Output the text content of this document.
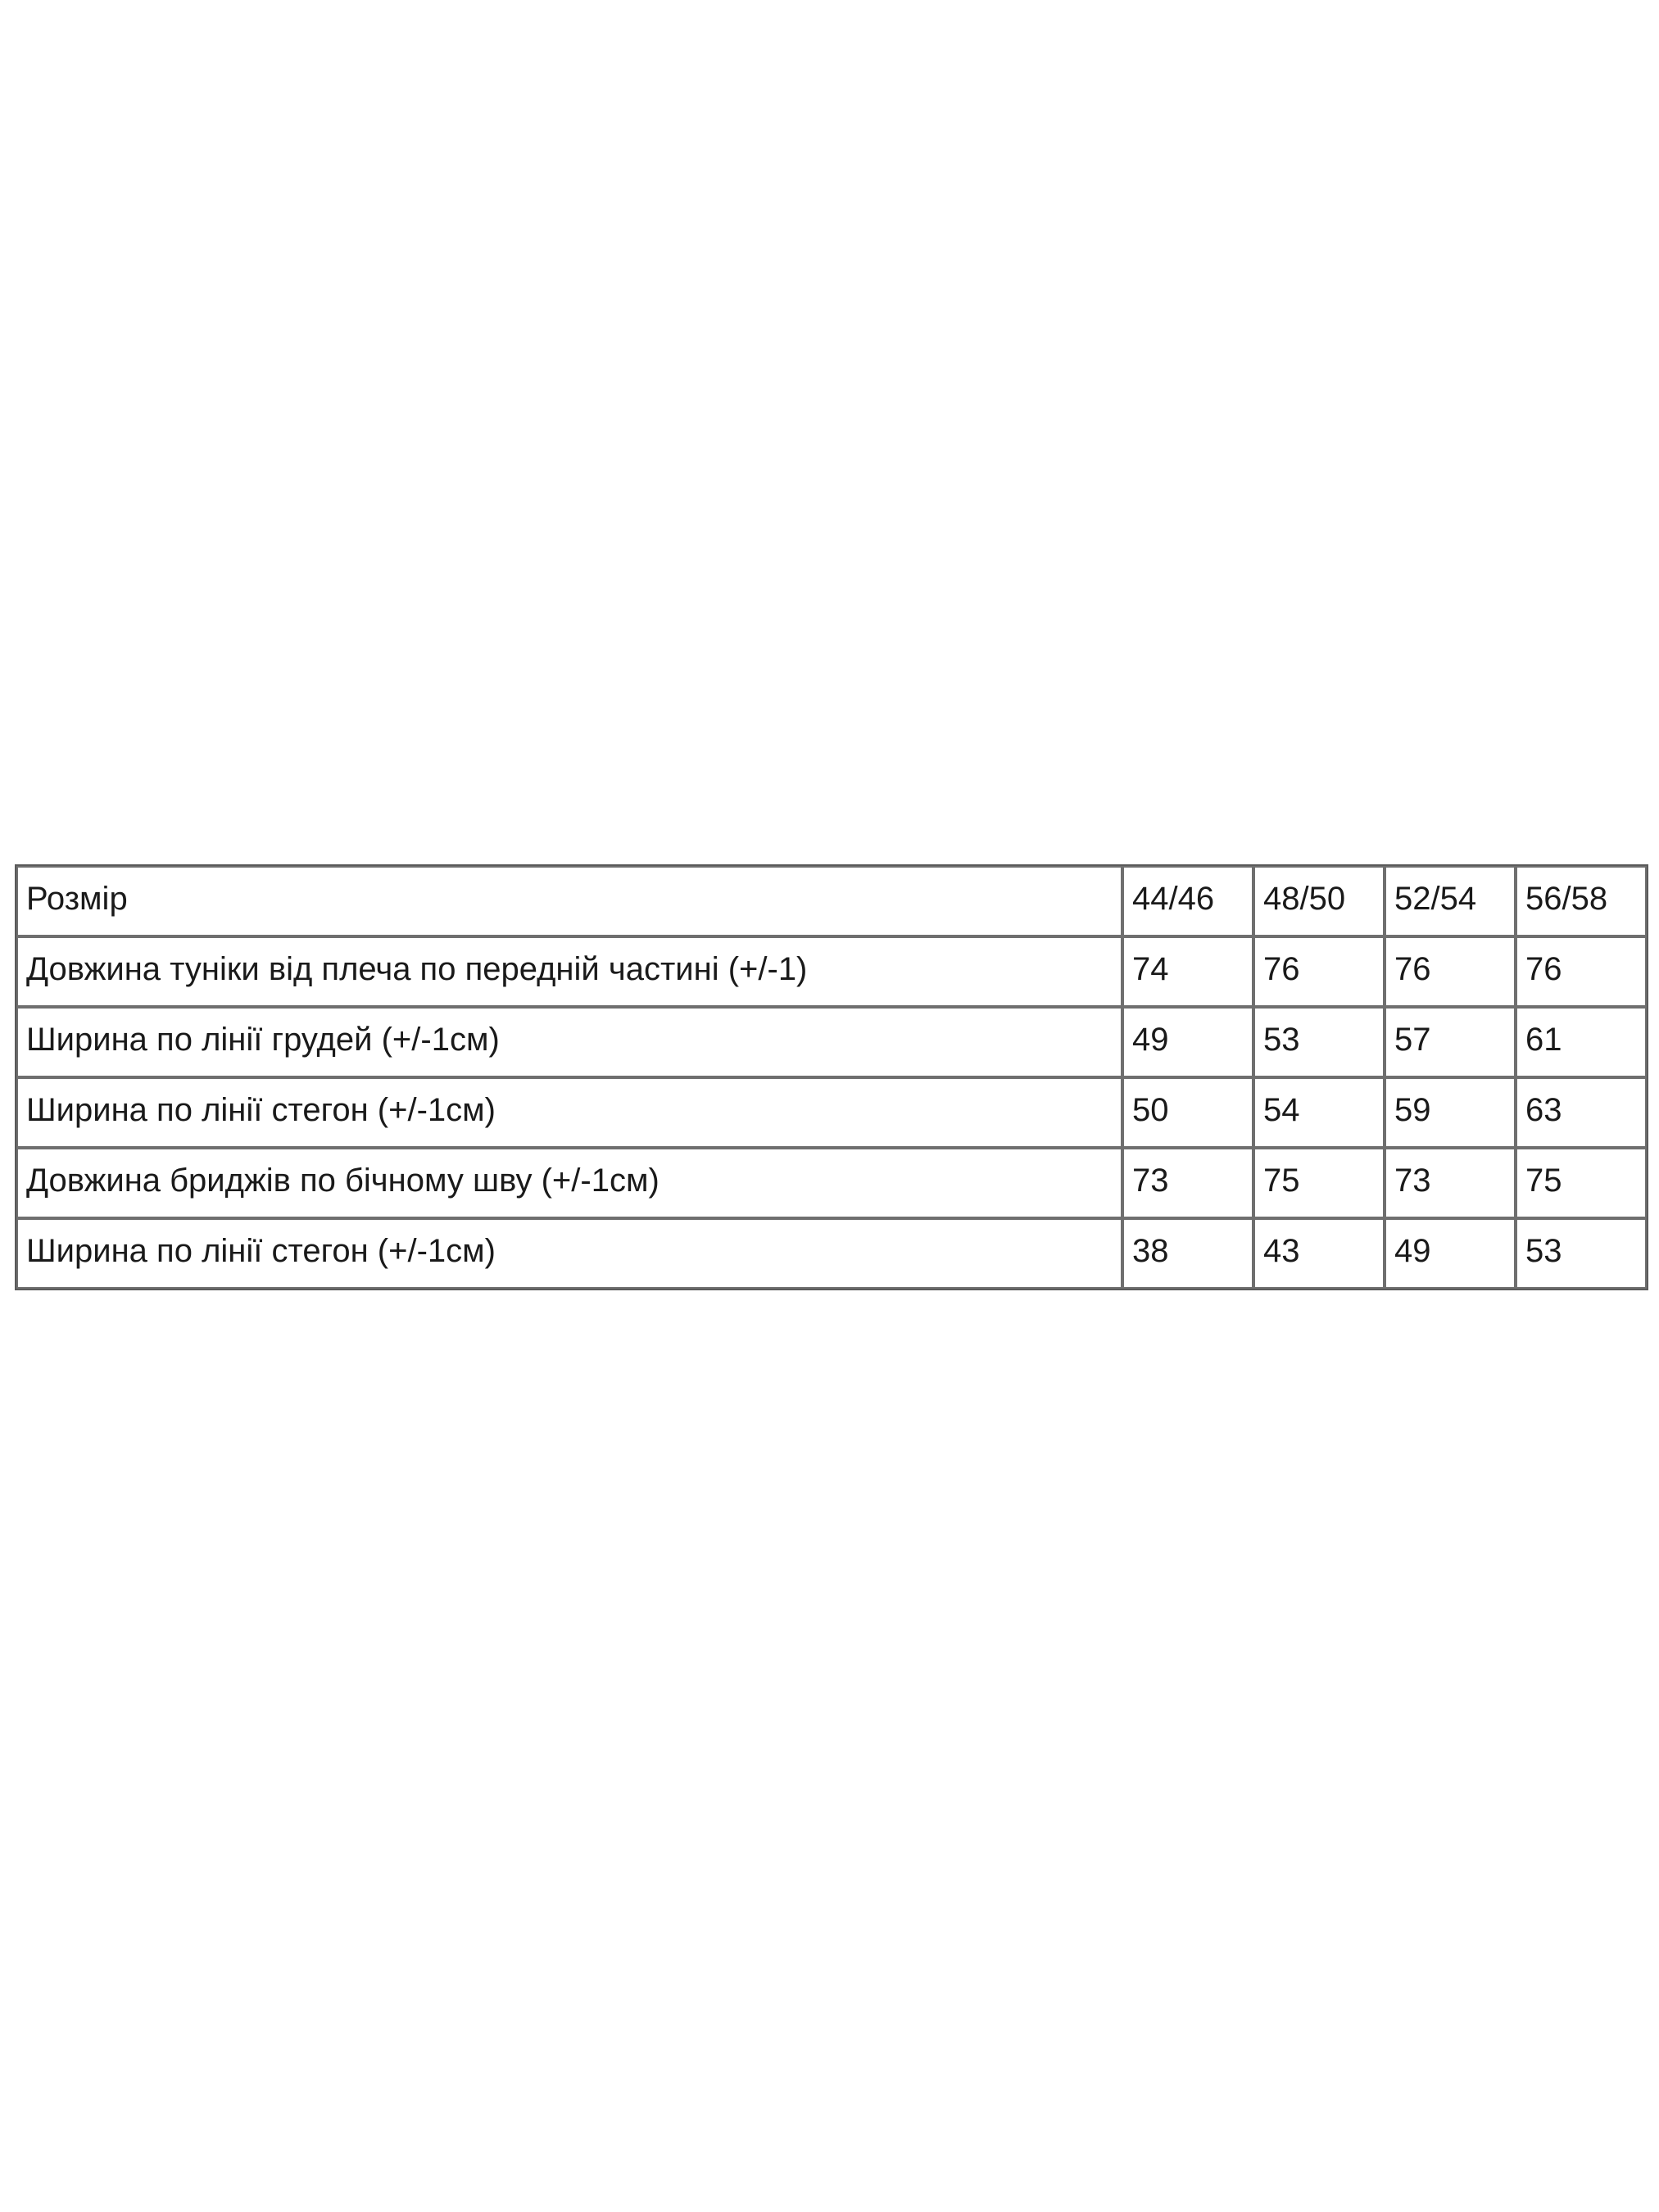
Розмір	44/46	48/50	52/54	56/58
Довжина туніки від плеча по передній частині (+/-1)	74	76	76	76
Ширина по лінії грудей (+/-1см)	49	53	57	61
Ширина по лінії стегон (+/-1см)	50	54	59	63
Довжина бриджів по бічному шву (+/-1см)	73	75	73	75
Ширина по лінії стегон (+/-1см)	38	43	49	53
